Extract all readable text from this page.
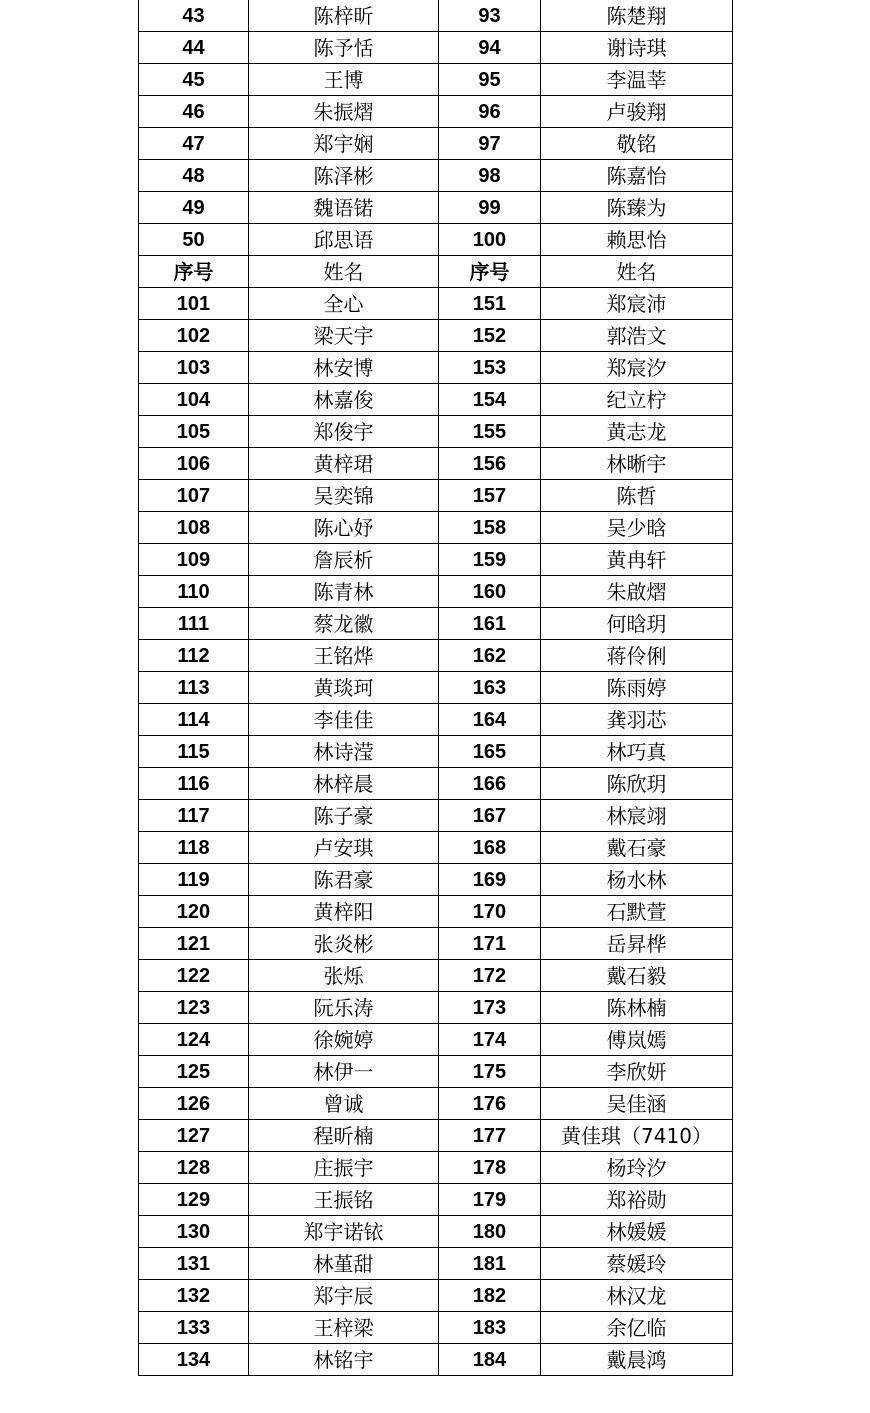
43	陈梓昕	93	陈楚翔
44	陈予恬	94	谢诗琪
45	王博	95	李温莘
46	朱振熠	96	卢骏翔
47	郑宇娴	97	敬铭
48	陈泽彬	98	陈嘉怡
49	魏语锘	99	陈臻为
50	邱思语	100	赖思怡
序号	姓名	序号	姓名
101	全心	151	郑宸沛
102	梁天宇	152	郭浩文
103	林安博	153	郑宸汐
104	林嘉俊	154	纪立柠
105	郑俊宇	155	黄志龙
106	黄梓珺	156	林晰宇
107	吴奕锦	157	陈哲
108	陈心妤	158	吴少晗
109	詹辰析	159	黄冉轩
110	陈青林	160	朱啟熠
111	蔡龙徽	161	何晗玥
112	王铭烨	162	蒋伶俐
113	黄琰珂	163	陈雨婷
114	李佳佳	164	龚羽芯
115	林诗滢	165	林巧真
116	林梓晨	166	陈欣玥
117	陈子豪	167	林宸翊
118	卢安琪	168	戴石豪
119	陈君豪	169	杨水林
120	黄梓阳	170	石默萱
121	张炎彬	171	岳昇桦
122	张烁	172	戴石毅
123	阮乐涛	173	陈林楠
124	徐婉婷	174	傅岚嫣
125	林伊一	175	李欣妍
126	曾诚	176	吴佳涵
127	程昕楠	177	黄佳琪（7410）
128	庄振宇	178	杨玲汐
129	王振铭	179	郑裕勋
130	郑宇诺铱	180	林媛媛
131	林堇甜	181	蔡媛玲
132	郑宇辰	182	林汉龙
133	王梓梁	183	余亿临
134	林铭宇	184	戴晨鸿
